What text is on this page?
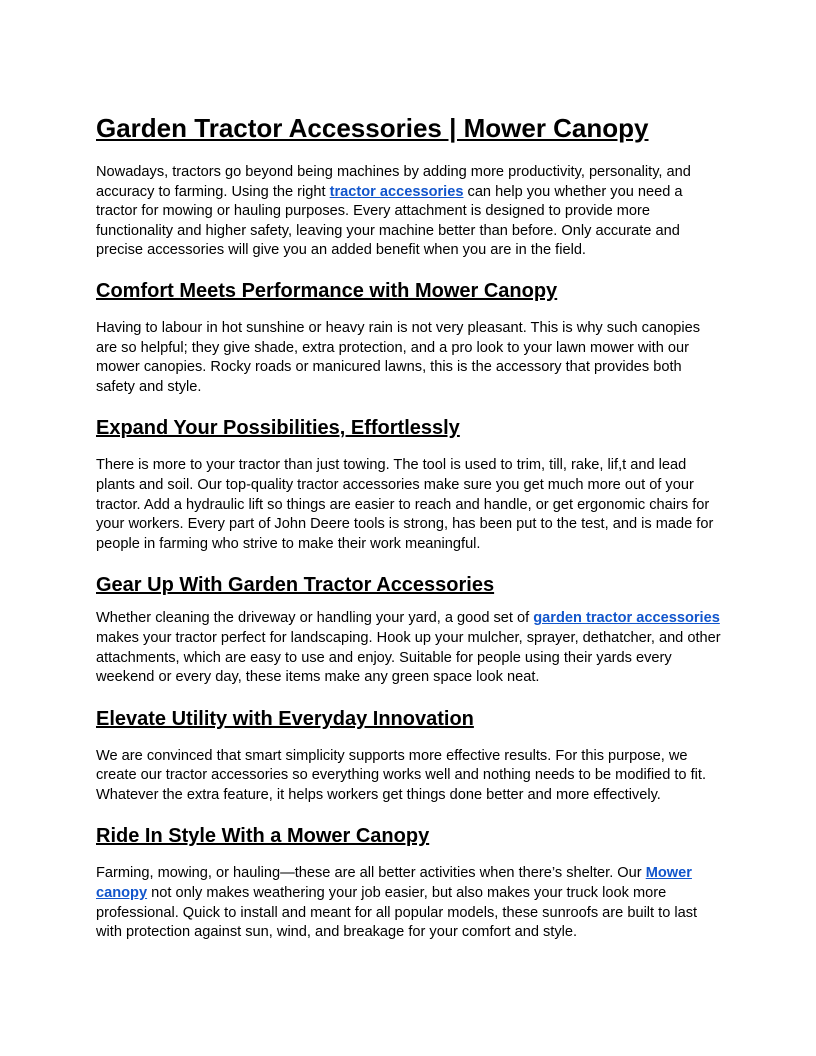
Garden Tractor Accessories | Mower Canopy

Nowadays, tractors go beyond being machines by adding more productivity, personality, and accuracy to farming. Using the right tractor accessories can help you whether you need a tractor for mowing or hauling purposes. Every attachment is designed to provide more functionality and higher safety, leaving your machine better than before. Only accurate and precise accessories will give you an added benefit when you are in the field.

Comfort Meets Performance with Mower Canopy

Having to labour in hot sunshine or heavy rain is not very pleasant. This is why such canopies are so helpful; they give shade, extra protection, and a pro look to your lawn mower with our mower canopies. Rocky roads or manicured lawns, this is the accessory that provides both safety and style.

Expand Your Possibilities, Effortlessly

There is more to your tractor than just towing. The tool is used to trim, till, rake, lif,t and lead plants and soil. Our top-quality tractor accessories make sure you get much more out of your tractor. Add a hydraulic lift so things are easier to reach and handle, or get ergonomic chairs for your workers. Every part of John Deere tools is strong, has been put to the test, and is made for people in farming who strive to make their work meaningful.

Gear Up With Garden Tractor Accessories

Whether cleaning the driveway or handling your yard, a good set of garden tractor accessories makes your tractor perfect for landscaping. Hook up your mulcher, sprayer, dethatcher, and other attachments, which are easy to use and enjoy. Suitable for people using their yards every weekend or every day, these items make any green space look neat.

Elevate Utility with Everyday Innovation

We are convinced that smart simplicity supports more effective results. For this purpose, we create our tractor accessories so everything works well and nothing needs to be modified to fit. Whatever the extra feature, it helps workers get things done better and more effectively.

Ride In Style With a Mower Canopy

Farming, mowing, or hauling—these are all better activities when there’s shelter. Our Mower canopy not only makes weathering your job easier, but also makes your truck look more professional. Quick to install and meant for all popular models, these sunroofs are built to last with protection against sun, wind, and breakage for your comfort and style.
